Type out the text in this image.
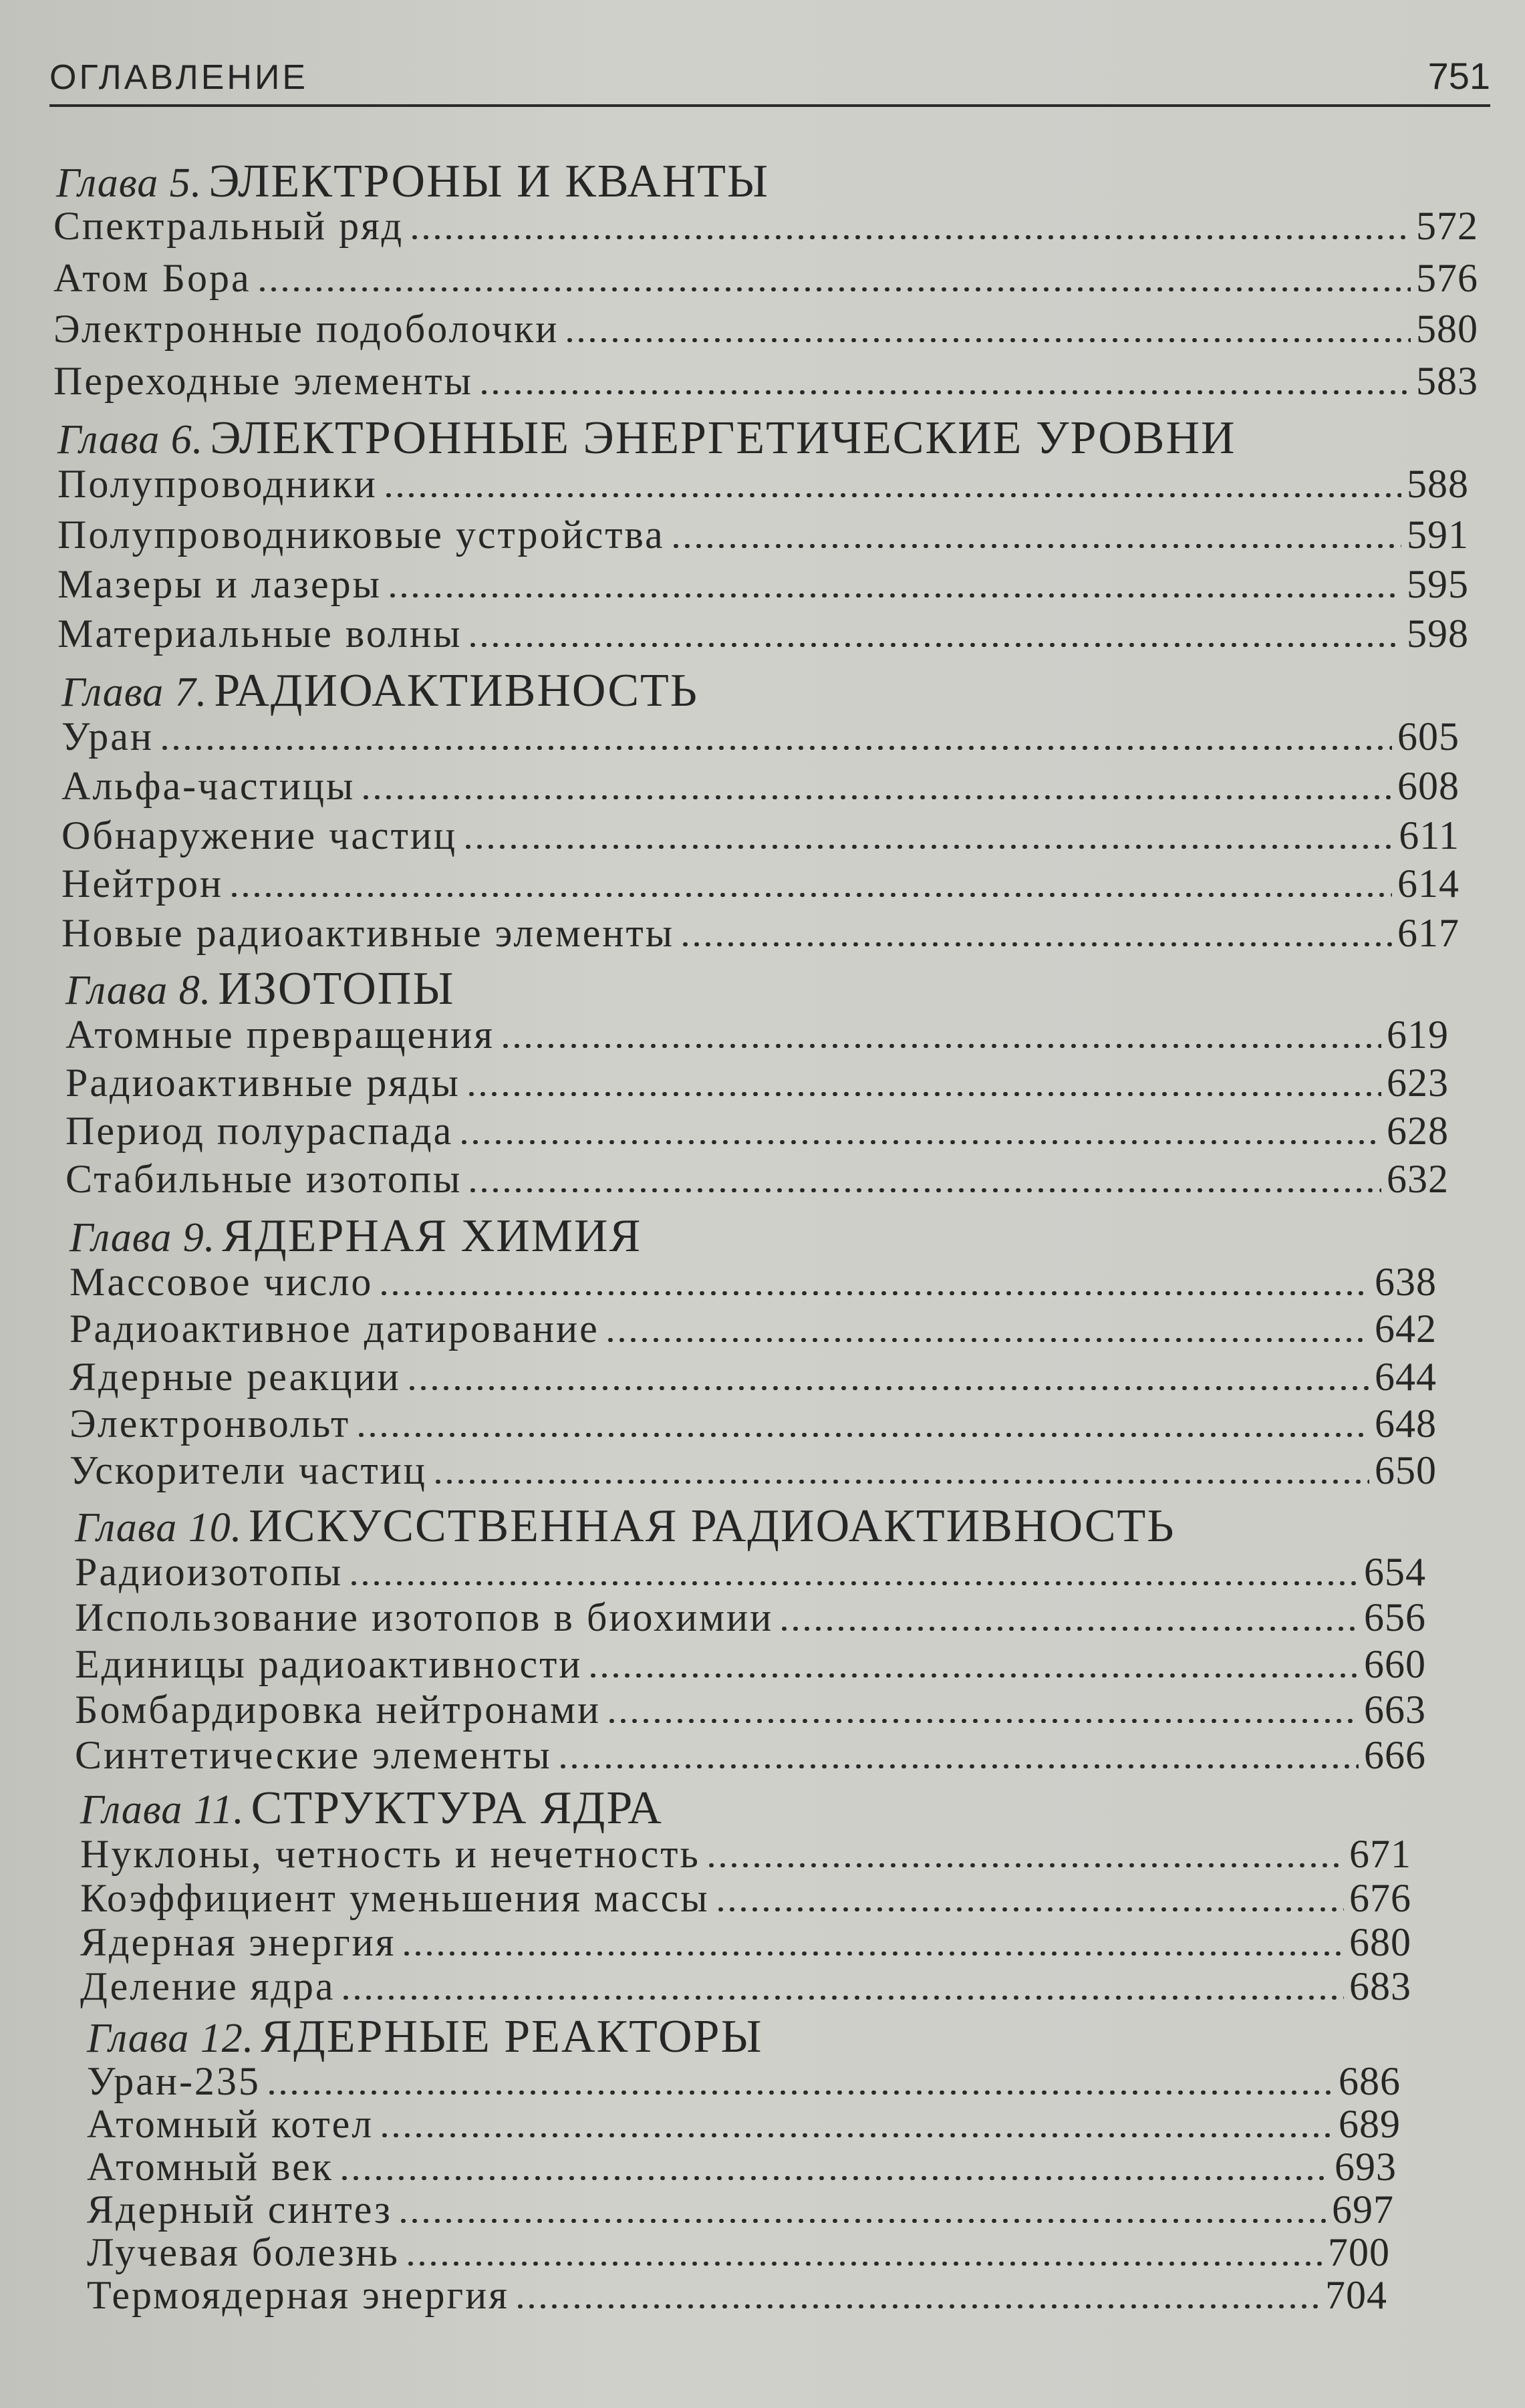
ОГЛАВЛЕНИЕ	751
Глава 5. ЭЛЕКТРОНЫ И КВАНТЫ
Спектральный ряд	572
Атом Бора	576
Электронные подоболочки	580
Переходные элементы	583
Глава 6. ЭЛЕКТРОННЫЕ ЭНЕРГЕТИЧЕСКИЕ УРОВНИ
Полупроводники	588
Полупроводниковые устройства	591
Мазеры и лазеры	595
Материальные волны	598
Глава 7. РАДИОАКТИВНОСТЬ
Уран	605
Альфа-частицы	608
Обнаружение частиц	611
Нейтрон	614
Новые радиоактивные элементы	617
Глава 8. ИЗОТОПЫ
Атомные превращения	619
Радиоактивные ряды	623
Период полураспада	628
Стабильные изотопы	632
Глава 9. ЯДЕРНАЯ ХИМИЯ
Массовое число	638
Радиоактивное датирование	642
Ядерные реакции	644
Электронвольт	648
Ускорители частиц	650
Глава 10. ИСКУССТВЕННАЯ РАДИОАКТИВНОСТЬ
Радиоизотопы	654
Использование изотопов в биохимии	656
Единицы радиоактивности	660
Бомбардировка нейтронами	663
Синтетические элементы	666
Глава 11. СТРУКТУРА ЯДРА
Нуклоны, четность и нечетность	671
Коэффициент уменьшения массы	676
Ядерная энергия	680
Деление ядра	683
Глава 12. ЯДЕРНЫЕ РЕАКТОРЫ
Уран-235	686
Атомный котел	689
Атомный век	693
Ядерный синтез	697
Лучевая болезнь	700
Термоядерная энергия	704
